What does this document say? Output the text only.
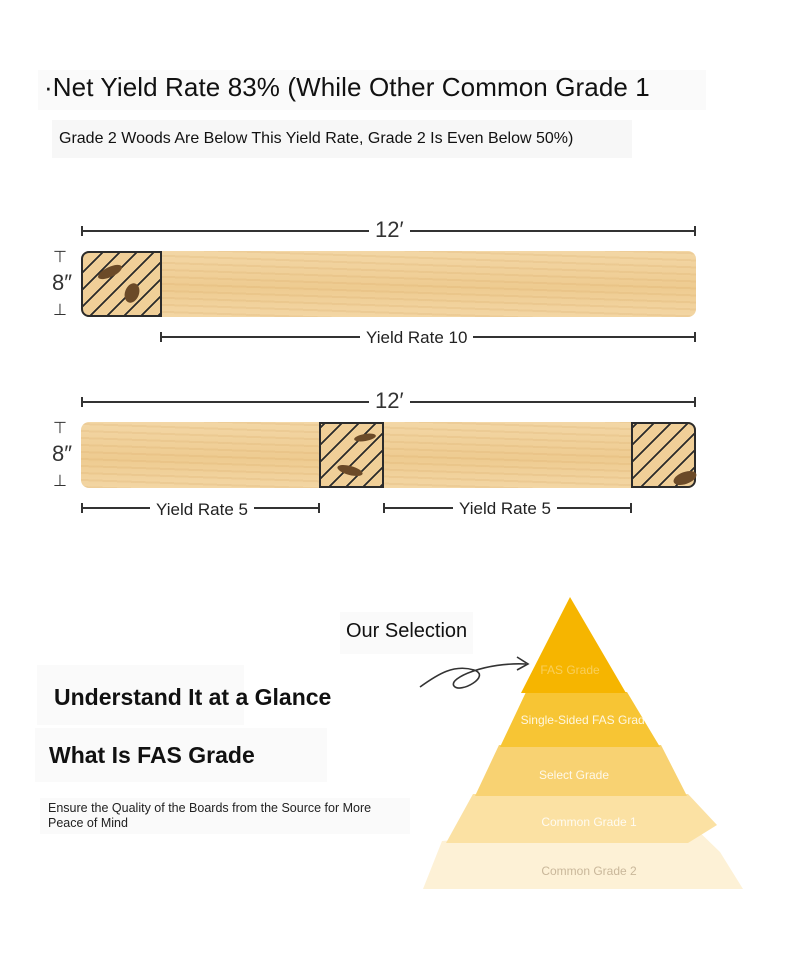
·Net Yield Rate 83% (While Other Common Grade 1
Grade 2 Woods Are Below This Yield Rate, Grade 2 Is Even Below 50%)
12′
⊤
8″
⊥
Yield Rate 10
12′
⊤
8″
⊥
Yield Rate 5	Yield Rate 5
Our Selection
Understand It at a Glance
What Is FAS Grade
Ensure the Quality of the Boards from the Source for More Peace of Mind
FAS Grade
Single-Sided FAS Grade
Select Grade
Common Grade 1
Common Grade 2
